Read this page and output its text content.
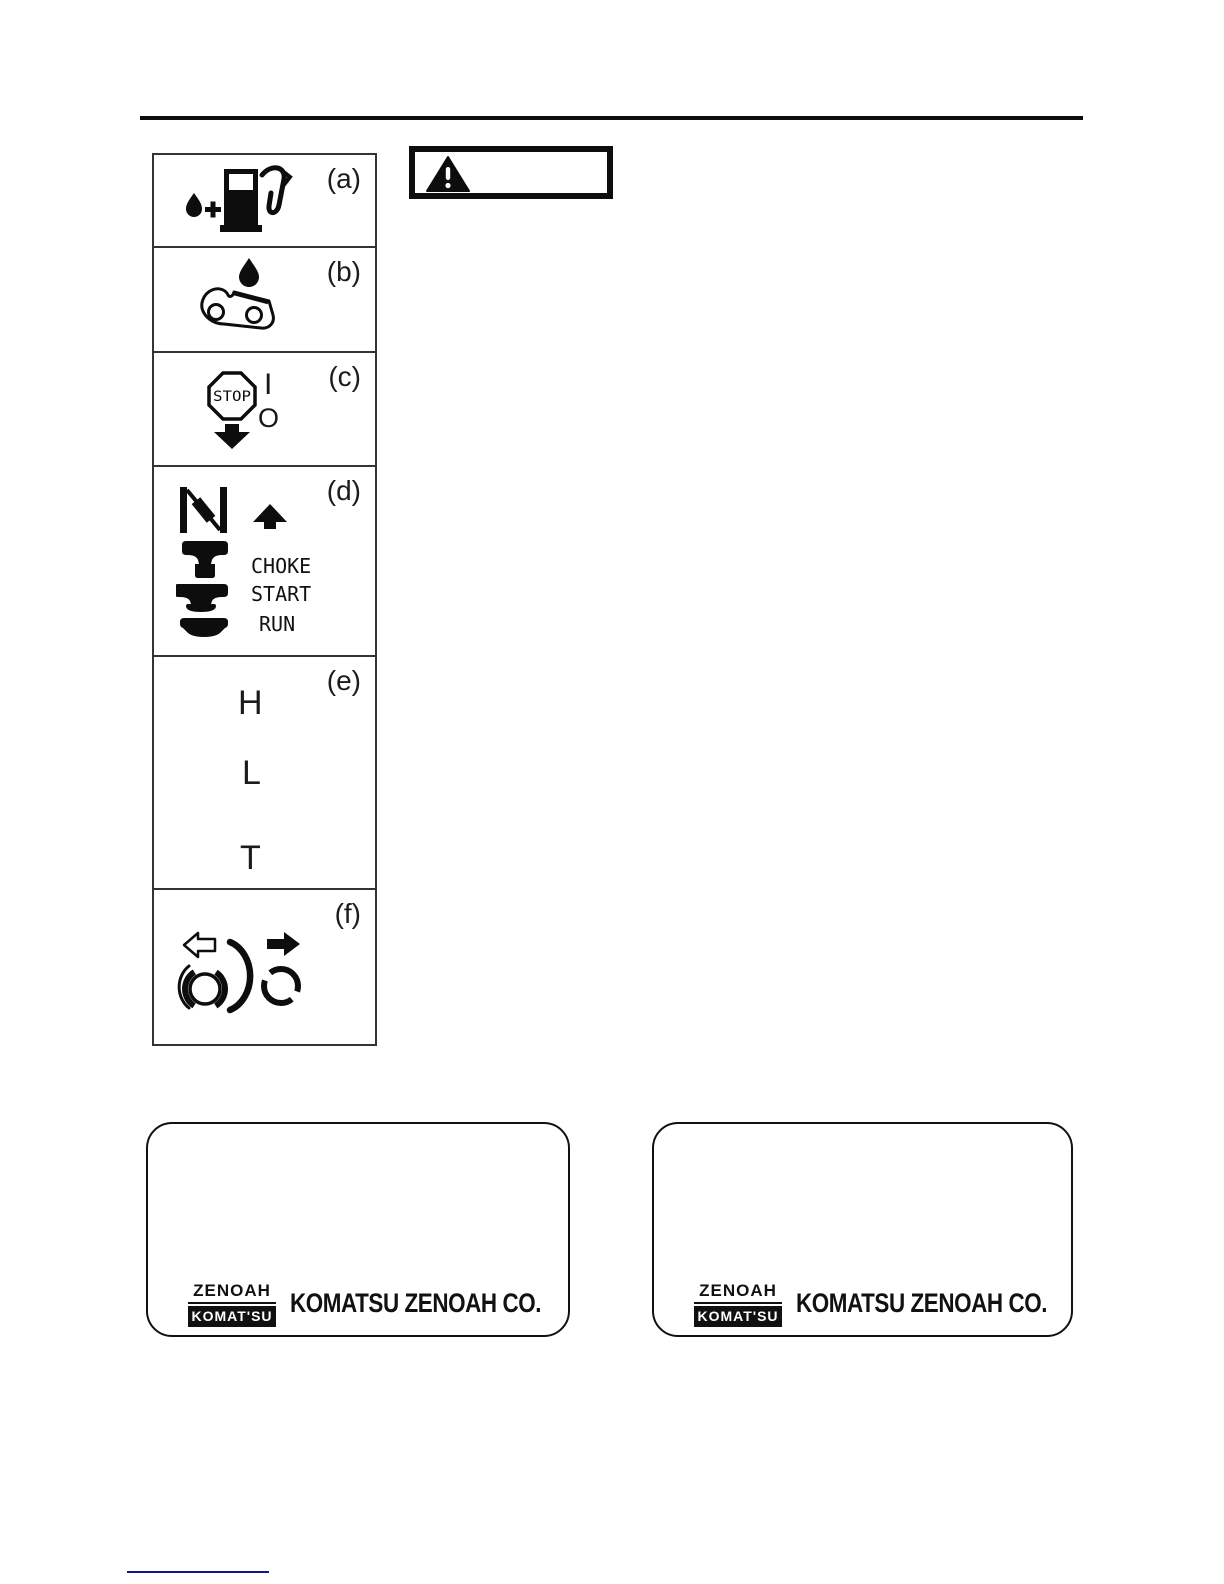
(a)
(b)
STOP I
O
(c)
CHOKE
START
RUN
(d)
H
L
T
(e)
(f)
ZENOAH
KOMAT'SU KOMATSU ZENOAH CO.	ZENOAH
KOMAT'SU KOMATSU ZENOAH CO.
